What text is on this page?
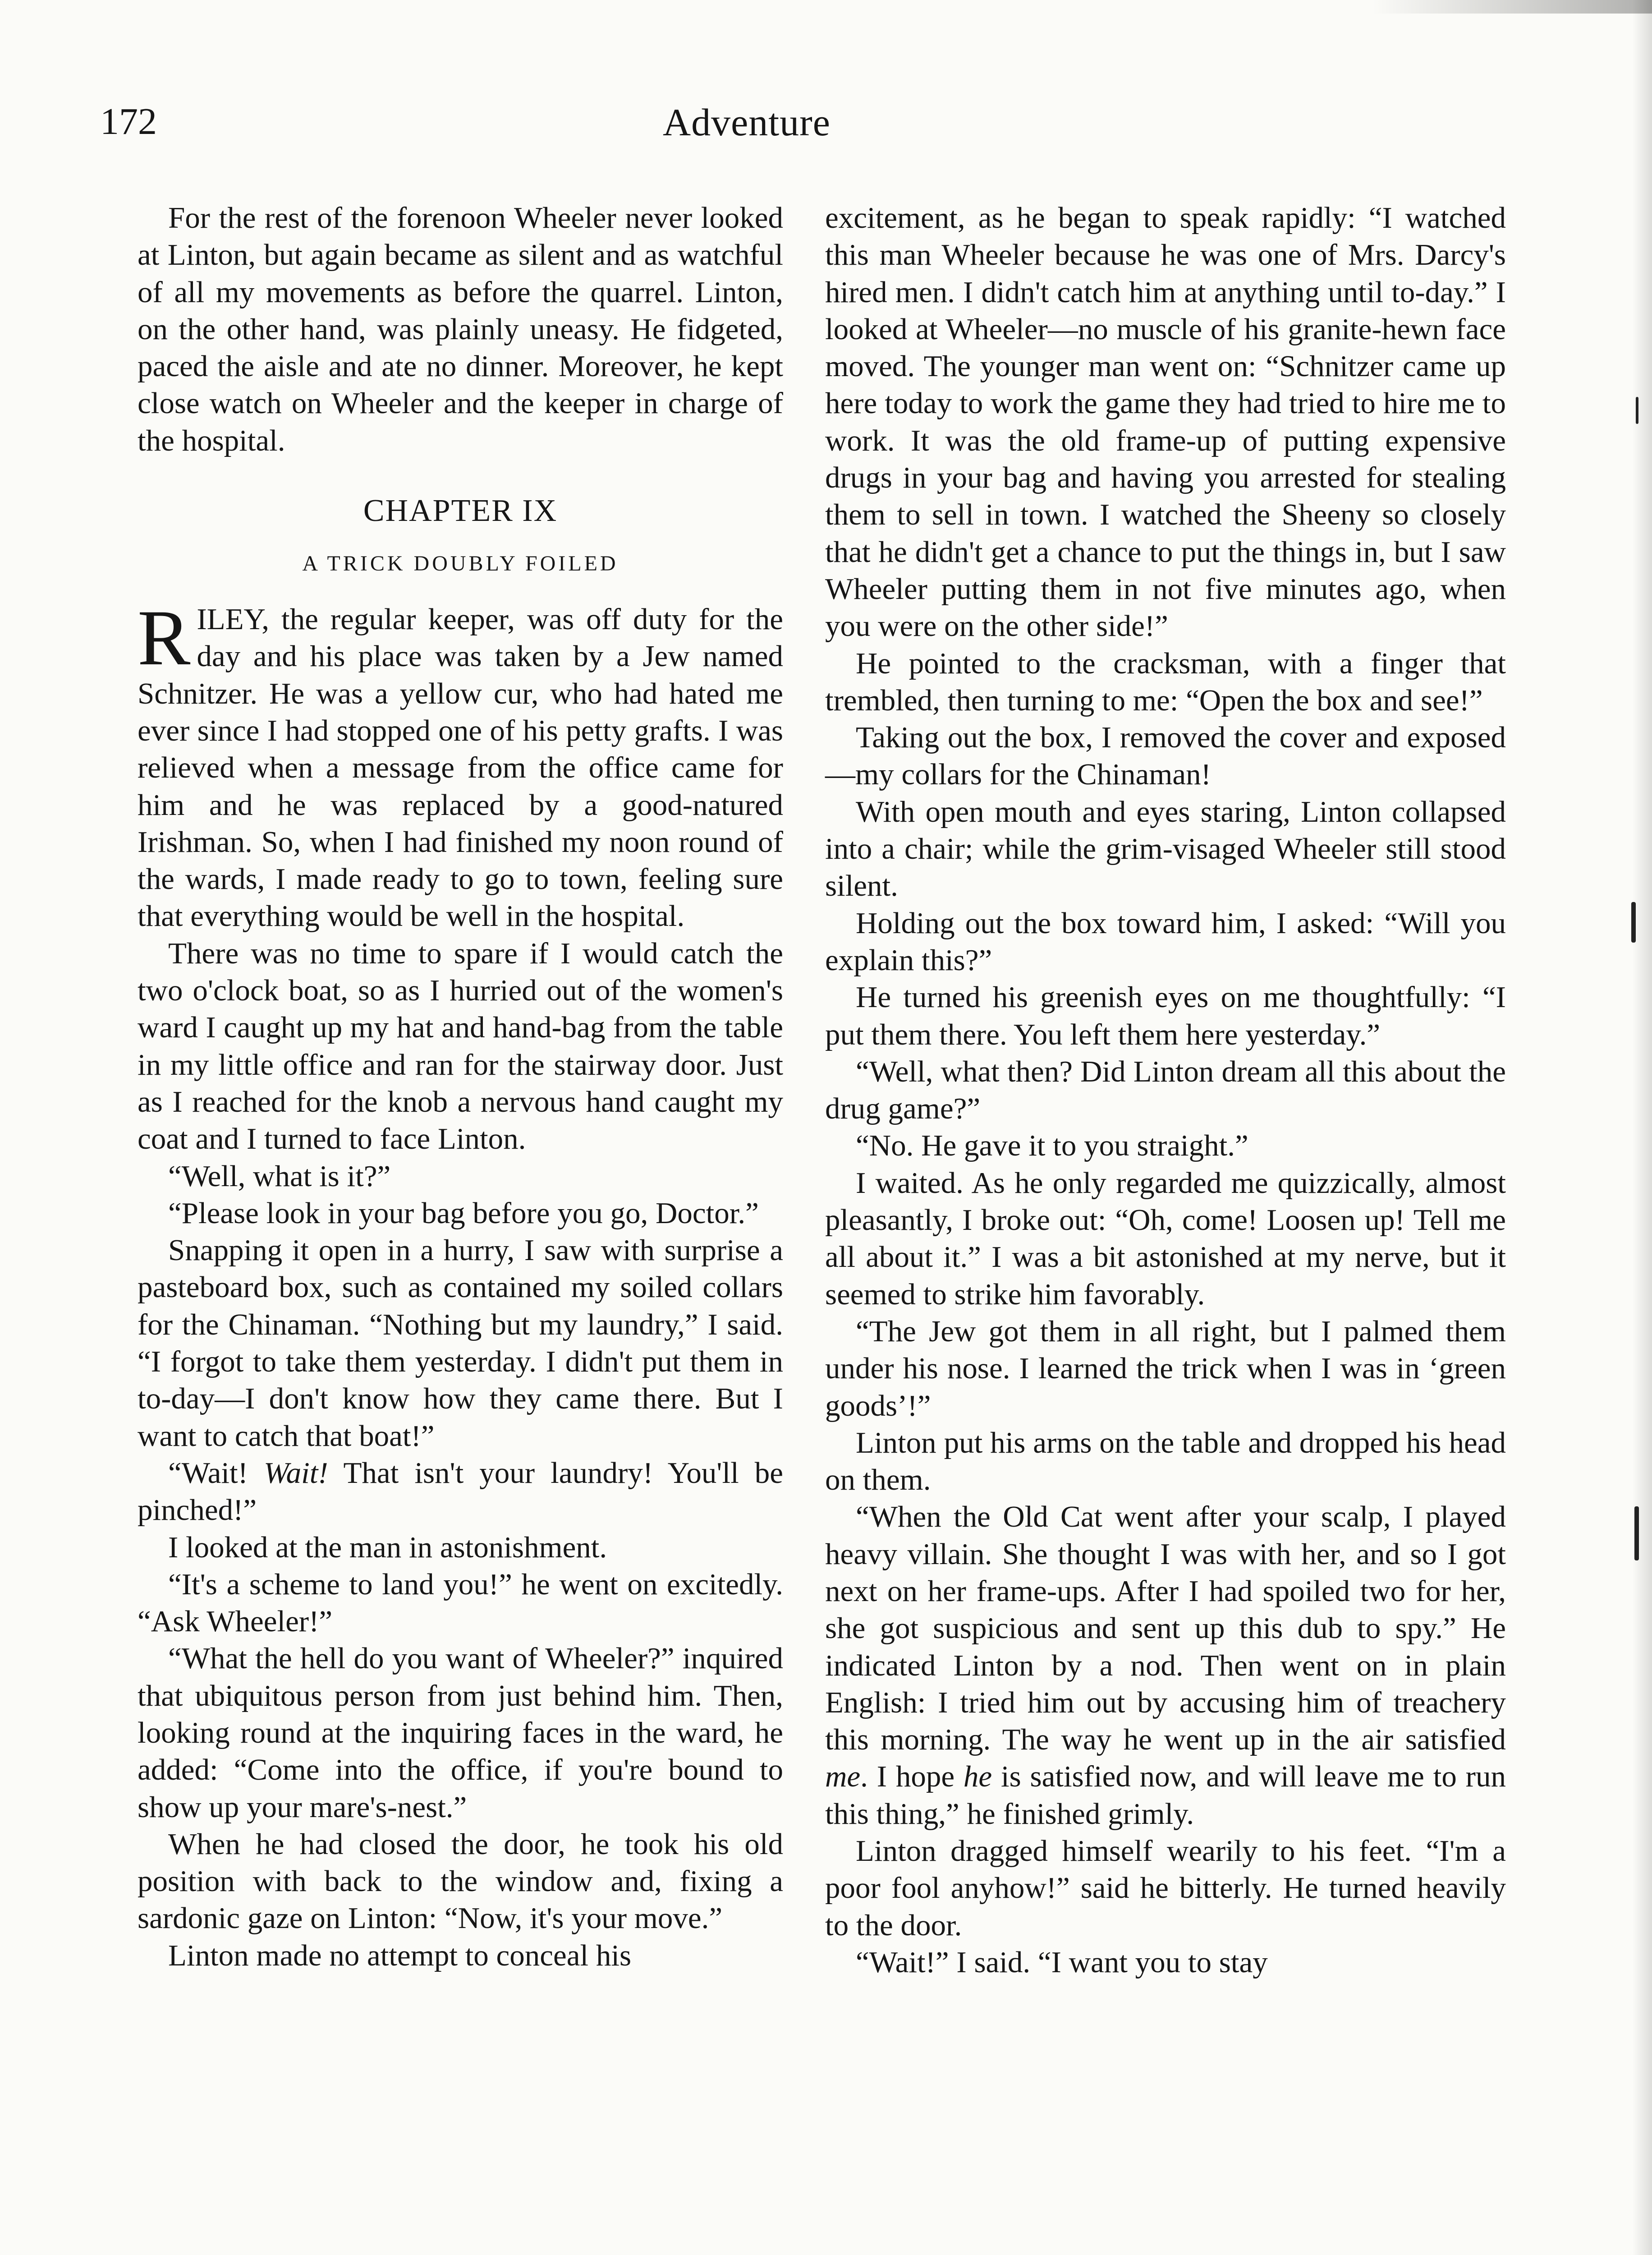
172	Adventure

For the rest of the forenoon Wheeler never looked at Linton, but again became as silent and as watchful of all my movements as before the quarrel. Linton, on the other hand, was plainly uneasy. He fidgeted, paced the aisle and ate no dinner. Moreover, he kept close watch on Wheeler and the keeper in charge of the hospital.

CHAPTER IX
A TRICK DOUBLY FOILED

RILEY, the regular keeper, was off duty for the day and his place was taken by a Jew named Schnitzer. He was a yellow cur, who had hated me ever since I had stopped one of his petty grafts. I was relieved when a message from the office came for him and he was replaced by a good-natured Irishman. So, when I had finished my noon round of the wards, I made ready to go to town, feeling sure that everything would be well in the hospital.

There was no time to spare if I would catch the two o'clock boat, so as I hurried out of the women's ward I caught up my hat and hand-bag from the table in my little office and ran for the stairway door. Just as I reached for the knob a nervous hand caught my coat and I turned to face Linton.

“Well, what is it?”

“Please look in your bag before you go, Doctor.”

Snapping it open in a hurry, I saw with surprise a pasteboard box, such as contained my soiled collars for the Chinaman. “Nothing but my laundry,” I said. “I forgot to take them yesterday. I didn't put them in to-day—I don't know how they came there. But I want to catch that boat!”

“Wait! Wait! That isn't your laundry! You'll be pinched!”

I looked at the man in astonishment.

“It's a scheme to land you!” he went on excitedly. “Ask Wheeler!”

“What the hell do you want of Wheeler?” inquired that ubiquitous person from just behind him. Then, looking round at the inquiring faces in the ward, he added: “Come into the office, if you're bound to show up your mare's-nest.”

When he had closed the door, he took his old position with back to the window and, fixing a sardonic gaze on Linton: “Now, it's your move.”

Linton made no attempt to conceal his

excitement, as he began to speak rapidly: “I watched this man Wheeler because he was one of Mrs. Darcy's hired men. I didn't catch him at anything until to-day.” I looked at Wheeler—no muscle of his granite-hewn face moved. The younger man went on: “Schnitzer came up here today to work the game they had tried to hire me to work. It was the old frame-up of putting expensive drugs in your bag and having you arrested for stealing them to sell in town. I watched the Sheeny so closely that he didn't get a chance to put the things in, but I saw Wheeler putting them in not five minutes ago, when you were on the other side!”

He pointed to the cracksman, with a finger that trembled, then turning to me: “Open the box and see!”

Taking out the box, I removed the cover and exposed—my collars for the Chinaman!

With open mouth and eyes staring, Linton collapsed into a chair; while the grim-visaged Wheeler still stood silent.

Holding out the box toward him, I asked: “Will you explain this?”

He turned his greenish eyes on me thoughtfully: “I put them there. You left them here yesterday.”

“Well, what then? Did Linton dream all this about the drug game?”

“No. He gave it to you straight.”

I waited. As he only regarded me quizzically, almost pleasantly, I broke out: “Oh, come! Loosen up! Tell me all about it.” I was a bit astonished at my nerve, but it seemed to strike him favorably.

“The Jew got them in all right, but I palmed them under his nose. I learned the trick when I was in ‘green goods’!”

Linton put his arms on the table and dropped his head on them.

“When the Old Cat went after your scalp, I played heavy villain. She thought I was with her, and so I got next on her frame-ups. After I had spoiled two for her, she got suspicious and sent up this dub to spy.” He indicated Linton by a nod. Then went on in plain English: I tried him out by accusing him of treachery this morning. The way he went up in the air satisfied me. I hope he is satisfied now, and will leave me to run this thing,” he finished grimly.

Linton dragged himself wearily to his feet. “I'm a poor fool anyhow!” said he bitterly. He turned heavily to the door.

“Wait!” I said. “I want you to stay
